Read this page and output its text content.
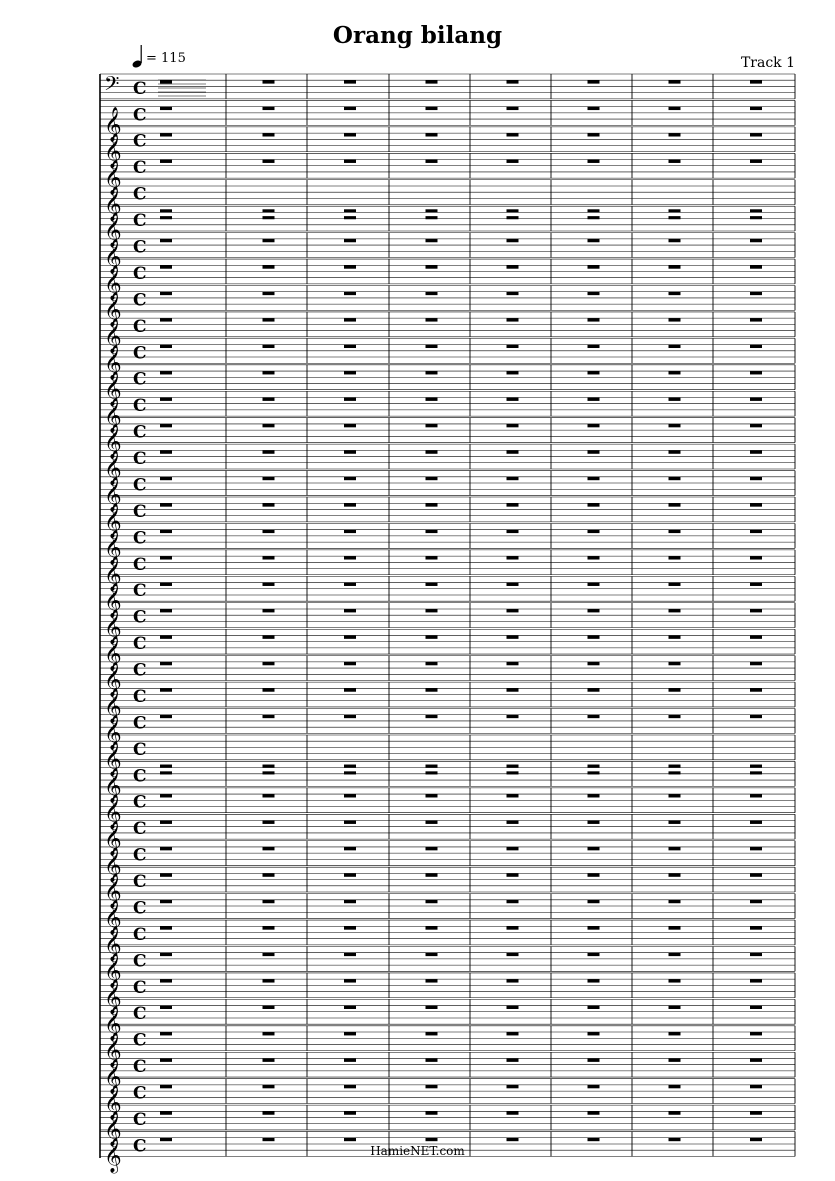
𝄢 C
𝄞 C
𝄞 C
𝄞 C
𝄞 C
𝄞 C
𝄞 C
𝄞 C
𝄞 C
𝄞 C
𝄞 C
𝄞 C
𝄞 C
𝄞 C
𝄞 C
𝄞 C
𝄞 C
𝄞 C
𝄞 C
𝄞 C
𝄞 C
𝄞 C
𝄞 C
𝄞 C
𝄞 C
𝄞 C
𝄞 C
𝄞 C
𝄞 C
𝄞 C
𝄞 C
𝄞 C
𝄞 C
𝄞 C
𝄞 C
𝄞 C
𝄞 C
𝄞 C
𝄞 C
𝄞 C
𝄞 C
Orang bilang
Track 1
= 115
HamieNET.com
